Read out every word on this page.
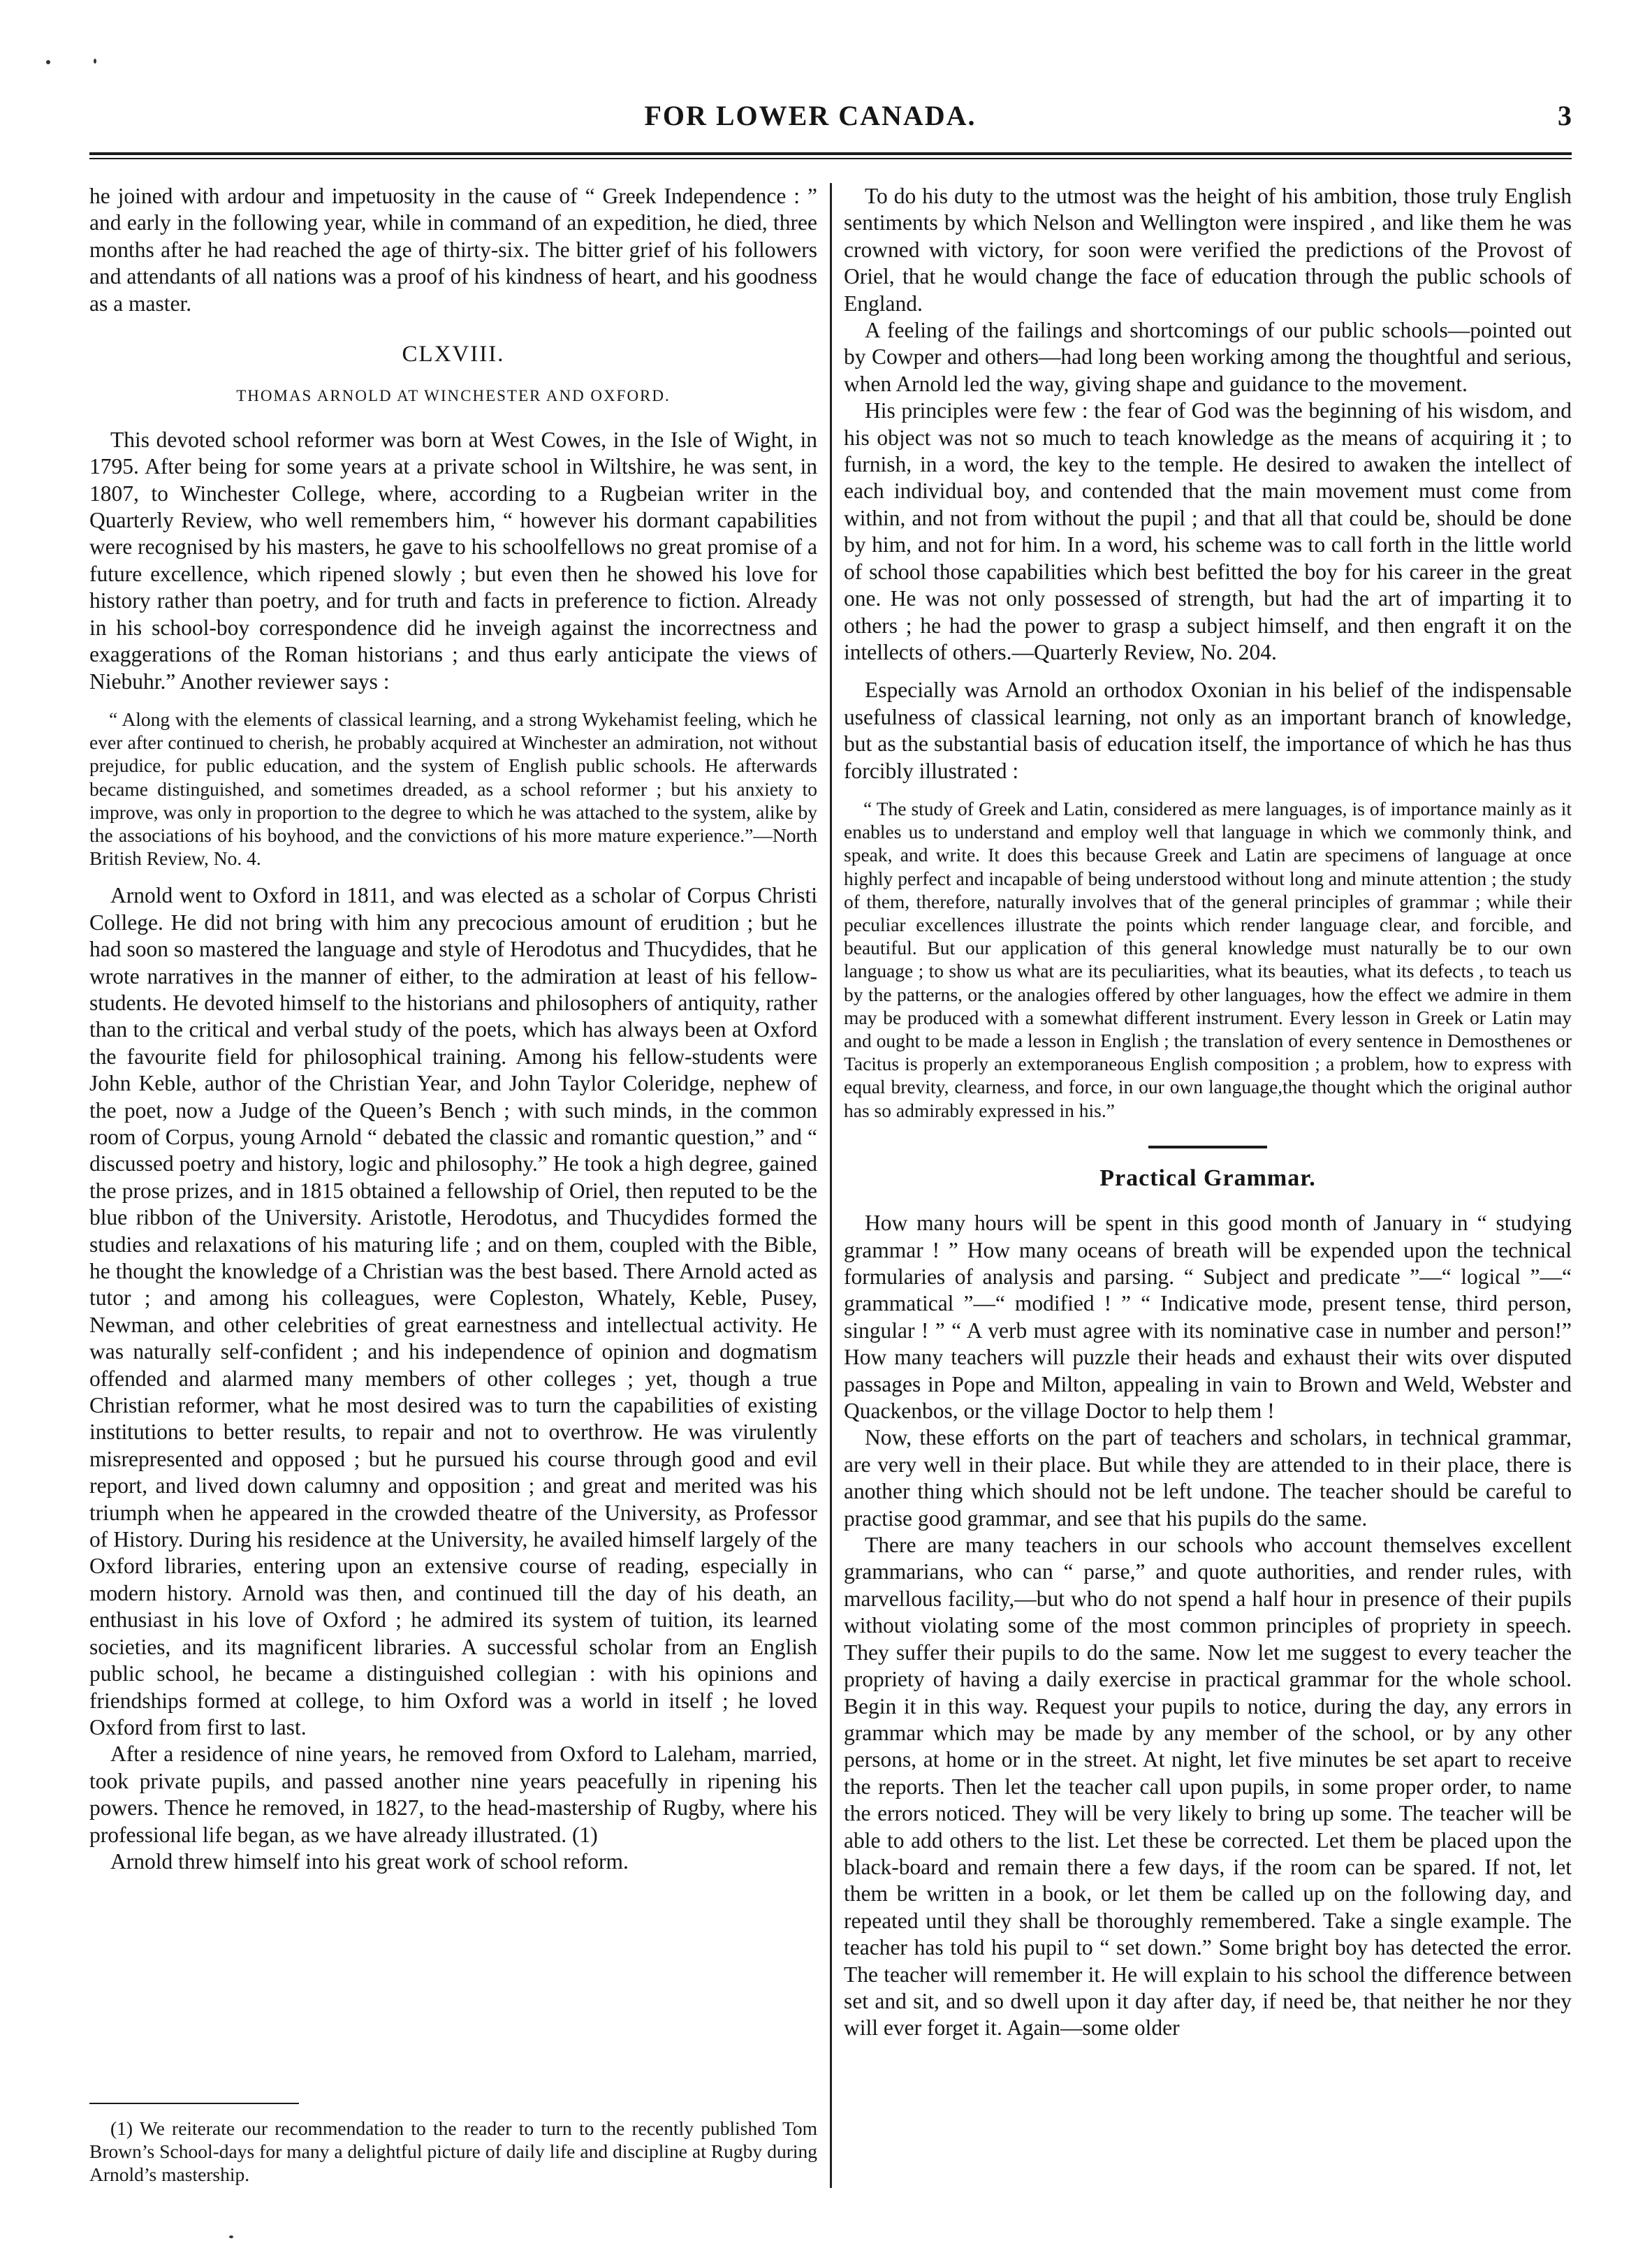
FOR LOWER CANADA.	3

he joined with ardour and impetuosity in the cause of “ Greek Independence : ” and early in the following year, while in command of an expedition, he died, three months after he had reached the age of thirty-six. The bitter grief of his followers and attendants of all nations was a proof of his kindness of heart, and his goodness as a master.

CLXVIII.
THOMAS ARNOLD AT WINCHESTER AND OXFORD.

This devoted school reformer was born at West Cowes, in the Isle of Wight, in 1795. After being for some years at a private school in Wiltshire, he was sent, in 1807, to Winchester College, where, according to a Rugbeian writer in the Quarterly Review, who well remembers him, “ however his dormant capabilities were recognised by his masters, he gave to his schoolfellows no great promise of a future excellence, which ripened slowly ; but even then he showed his love for history rather than poetry, and for truth and facts in preference to fiction. Already in his school-boy correspondence did he inveigh against the incorrectness and exaggerations of the Roman historians ; and thus early anticipate the views of Niebuhr.” Another reviewer says :

“ Along with the elements of classical learning, and a strong Wykehamist feeling, which he ever after continued to cherish, he probably acquired at Winchester an admiration, not without prejudice, for public education, and the system of English public schools. He afterwards became distinguished, and sometimes dreaded, as a school reformer ; but his anxiety to improve, was only in proportion to the degree to which he was attached to the system, alike by the associations of his boyhood, and the convictions of his more mature experience.”—North British Review, No. 4.

Arnold went to Oxford in 1811, and was elected as a scholar of Corpus Christi College. He did not bring with him any precocious amount of erudition ; but he had soon so mastered the language and style of Herodotus and Thucydides, that he wrote narratives in the manner of either, to the admiration at least of his fellow-students. He devoted himself to the historians and philosophers of antiquity, rather than to the critical and verbal study of the poets, which has always been at Oxford the favourite field for philosophical training. Among his fellow-students were John Keble, author of the Christian Year, and John Taylor Coleridge, nephew of the poet, now a Judge of the Queen’s Bench ; with such minds, in the common room of Corpus, young Arnold “ debated the classic and romantic question,” and “ discussed poetry and history, logic and philosophy.” He took a high degree, gained the prose prizes, and in 1815 obtained a fellowship of Oriel, then reputed to be the blue ribbon of the University. Aristotle, Herodotus, and Thucydides formed the studies and relaxations of his maturing life ; and on them, coupled with the Bible, he thought the knowledge of a Christian was the best based. There Arnold acted as tutor ; and among his colleagues, were Copleston, Whately, Keble, Pusey, Newman, and other celebrities of great earnestness and intellectual activity. He was naturally self-confident ; and his independence of opinion and dogmatism offended and alarmed many members of other colleges ; yet, though a true Christian reformer, what he most desired was to turn the capabilities of existing institutions to better results, to repair and not to overthrow. He was virulently misrepresented and opposed ; but he pursued his course through good and evil report, and lived down calumny and opposition ; and great and merited was his triumph when he appeared in the crowded theatre of the University, as Professor of History. During his residence at the University, he availed himself largely of the Oxford libraries, entering upon an extensive course of reading, especially in modern history. Arnold was then, and continued till the day of his death, an enthusiast in his love of Oxford ; he admired its system of tuition, its learned societies, and its magnificent libraries. A successful scholar from an English public school, he became a distinguished collegian : with his opinions and friendships formed at college, to him Oxford was a world in itself ; he loved Oxford from first to last.

After a residence of nine years, he removed from Oxford to Laleham, married, took private pupils, and passed another nine years peacefully in ripening his powers. Thence he removed, in 1827, to the head-mastership of Rugby, where his professional life began, as we have already illustrated. (1)

Arnold threw himself into his great work of school reform.

(1) We reiterate our recommendation to the reader to turn to the recently published Tom Brown’s School-days for many a delightful picture of daily life and discipline at Rugby during Arnold’s mastership.

To do his duty to the utmost was the height of his ambition, those truly English sentiments by which Nelson and Wellington were inspired , and like them he was crowned with victory, for soon were verified the predictions of the Provost of Oriel, that he would change the face of education through the public schools of England.

A feeling of the failings and shortcomings of our public schools—pointed out by Cowper and others—had long been working among the thoughtful and serious, when Arnold led the way, giving shape and guidance to the movement.

His principles were few : the fear of God was the beginning of his wisdom, and his object was not so much to teach knowledge as the means of acquiring it ; to furnish, in a word, the key to the temple. He desired to awaken the intellect of each individual boy, and contended that the main movement must come from within, and not from without the pupil ; and that all that could be, should be done by him, and not for him. In a word, his scheme was to call forth in the little world of school those capabilities which best befitted the boy for his career in the great one. He was not only possessed of strength, but had the art of imparting it to others ; he had the power to grasp a subject himself, and then engraft it on the intellects of others.—Quarterly Review, No. 204.

Especially was Arnold an orthodox Oxonian in his belief of the indispensable usefulness of classical learning, not only as an important branch of knowledge, but as the substantial basis of education itself, the importance of which he has thus forcibly illustrated :

“ The study of Greek and Latin, considered as mere languages, is of importance mainly as it enables us to understand and employ well that language in which we commonly think, and speak, and write. It does this because Greek and Latin are specimens of language at once highly perfect and incapable of being understood without long and minute attention ; the study of them, therefore, naturally involves that of the general principles of grammar ; while their peculiar excellences illustrate the points which render language clear, and forcible, and beautiful. But our application of this general knowledge must naturally be to our own language ; to show us what are its peculiarities, what its beauties, what its defects , to teach us by the patterns, or the analogies offered by other languages, how the effect we admire in them may be produced with a somewhat different instrument. Every lesson in Greek or Latin may and ought to be made a lesson in English ; the translation of every sentence in Demosthenes or Tacitus is properly an extemporaneous English composition ; a problem, how to express with equal brevity, clearness, and force, in our own language,the thought which the original author has so admirably expressed in his.”

Practical Grammar.

How many hours will be spent in this good month of January in “ studying grammar ! ” How many oceans of breath will be expended upon the technical formularies of analysis and parsing. “ Subject and predicate ”—“ logical ”—“ grammatical ”—“ modified ! ” “ Indicative mode, present tense, third person, singular ! ” “ A verb must agree with its nominative case in number and person!” How many teachers will puzzle their heads and exhaust their wits over disputed passages in Pope and Milton, appealing in vain to Brown and Weld, Webster and Quackenbos, or the village Doctor to help them !

Now, these efforts on the part of teachers and scholars, in technical grammar, are very well in their place. But while they are attended to in their place, there is another thing which should not be left undone. The teacher should be careful to practise good grammar, and see that his pupils do the same.

There are many teachers in our schools who account themselves excellent grammarians, who can “ parse,” and quote authorities, and render rules, with marvellous facility,—but who do not spend a half hour in presence of their pupils without violating some of the most common principles of propriety in speech. They suffer their pupils to do the same. Now let me suggest to every teacher the propriety of having a daily exercise in practical grammar for the whole school. Begin it in this way. Request your pupils to notice, during the day, any errors in grammar which may be made by any member of the school, or by any other persons, at home or in the street. At night, let five minutes be set apart to receive the reports. Then let the teacher call upon pupils, in some proper order, to name the errors noticed. They will be very likely to bring up some. The teacher will be able to add others to the list. Let these be corrected. Let them be placed upon the black-board and remain there a few days, if the room can be spared. If not, let them be written in a book, or let them be called up on the following day, and repeated until they shall be thoroughly remembered. Take a single example. The teacher has told his pupil to “ set down.” Some bright boy has detected the error. The teacher will remember it. He will explain to his school the difference between set and sit, and so dwell upon it day after day, if need be, that neither he nor they will ever forget it. Again—some older
